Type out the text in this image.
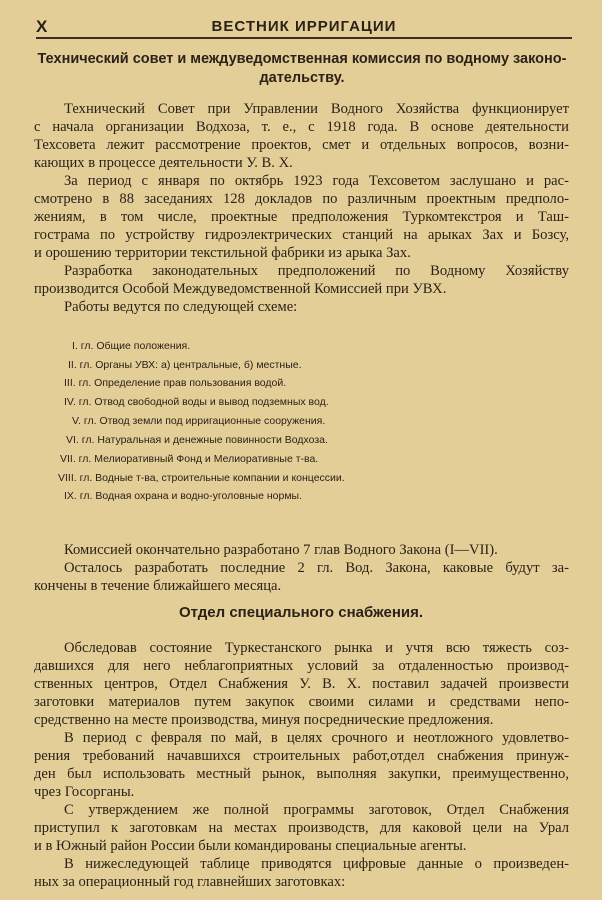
X	ВЕСТНИК ИРРИГАЦИИ
Технический совет и междуведомственная комиссия по водному законо-
дательству.
Технический Совет при Управлении Водного Хозяйства функционирует
с начала организации Водхоза, т. е., с 1918 года. В основе деятельности
Техсовета лежит рассмотрение проектов, смет и отдельных вопросов, возни-
кающих в процессе деятельности У. В. Х.
За период с января по октябрь 1923 года Техсоветом заслушано и рас-
смотрено в 88 заседаниях 128 докладов по различным проектным предполо-
жениям, в том числе, проектные предположения Туркомтекстроя и Таш-
гострама по устройству гидроэлектрических станций на арыках Зах и Бозсу,
и орошению территории текстильной фабрики из арыка Зах.
Разработка законодательных предположений по Водному Хозяйству
производится Особой Междуведомственной Комиссией при УВХ.
Работы ведутся по следующей схеме:
I. гл. Общие положения.
II. гл. Органы УВХ: а) центральные, б) местные.
III. гл. Определение прав пользования водой.
IV. гл. Отвод свободной воды и вывод подземных вод.
V. гл. Отвод земли под ирригационные сооружения.
VI. гл. Натуральная и денежные повинности Водхоза.
VII. гл. Мелиоративный Фонд и Мелиоративные т-ва.
VIII. гл. Водные т-ва, строительные компании и концессии.
IX. гл. Водная охрана и водно-уголовные нормы.
Комиссией окончательно разработано 7 глав Водного Закона (I—VII).
Осталось разработать последние 2 гл. Вод. Закона, каковые будут за-
кончены в течение ближайшего месяца.
Отдел специального снабжения.
Обследовав состояние Туркестанского рынка и учтя всю тяжесть соз-
давшихся для него неблагоприятных условий за отдаленностью производ-
ственных центров, Отдел Снабжения У. В. Х. поставил задачей произвести
заготовки материалов путем закупок своими силами и средствами непо-
средственно на месте производства, минуя посреднические предложения.
В период с февраля по май, в целях срочного и неотложного удовлетво-
рения требований начавшихся строительных работ,отдел снабжения принуж-
ден был использовать местный рынок, выполняя закупки, преимущественно,
чрез Госорганы.
С утверждением же полной программы заготовок, Отдел Снабжения
приступил к заготовкам на местах производств, для каковой цели на Урал
и в Южный район России были командированы специальные агенты.
В нижеследующей таблице приводятся цифровые данные о произведен-
ных за операционный год главнейших заготовках:
